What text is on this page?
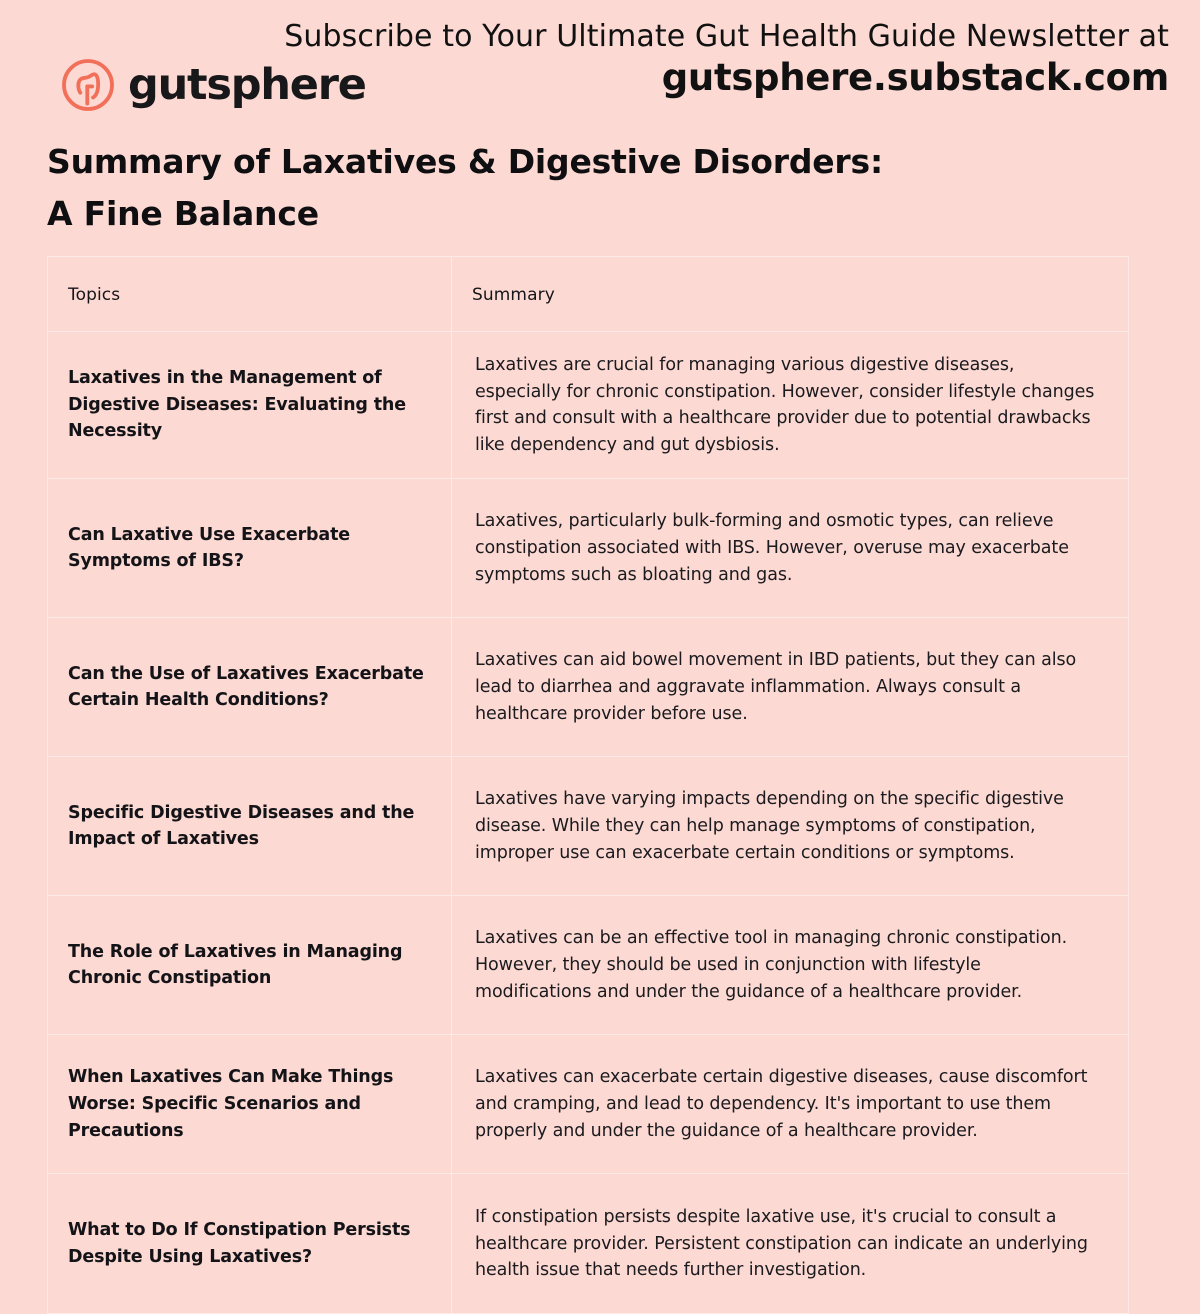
gutsphere
Subscribe to Your Ultimate Gut Health Guide Newsletter at
gutsphere.substack.com
Summary of Laxatives & Digestive Disorders:
A Fine Balance
Topics	Summary

Laxatives in the Management of Digestive Diseases: Evaluating the Necessity	Laxatives are crucial for managing various digestive diseases, especially for chronic constipation. However, consider lifestyle changes first and consult with a healthcare provider due to potential drawbacks like dependency and gut dysbiosis.

Can Laxative Use Exacerbate Symptoms of IBS?	Laxatives, particularly bulk-forming and osmotic types, can relieve constipation associated with IBS. However, overuse may exacerbate symptoms such as bloating and gas.

Can the Use of Laxatives Exacerbate Certain Health Conditions?	Laxatives can aid bowel movement in IBD patients, but they can also lead to diarrhea and aggravate inflammation. Always consult a healthcare provider before use.

Specific Digestive Diseases and the Impact of Laxatives	Laxatives have varying impacts depending on the specific digestive disease. While they can help manage symptoms of constipation, improper use can exacerbate certain conditions or symptoms.

The Role of Laxatives in Managing Chronic Constipation	Laxatives can be an effective tool in managing chronic constipation. However, they should be used in conjunction with lifestyle modifications and under the guidance of a healthcare provider.

When Laxatives Can Make Things Worse: Specific Scenarios and Precautions	Laxatives can exacerbate certain digestive diseases, cause discomfort and cramping, and lead to dependency. It's important to use them properly and under the guidance of a healthcare provider.

What to Do If Constipation Persists Despite Using Laxatives?	If constipation persists despite laxative use, it's crucial to consult a healthcare provider. Persistent constipation can indicate an underlying health issue that needs further investigation.
